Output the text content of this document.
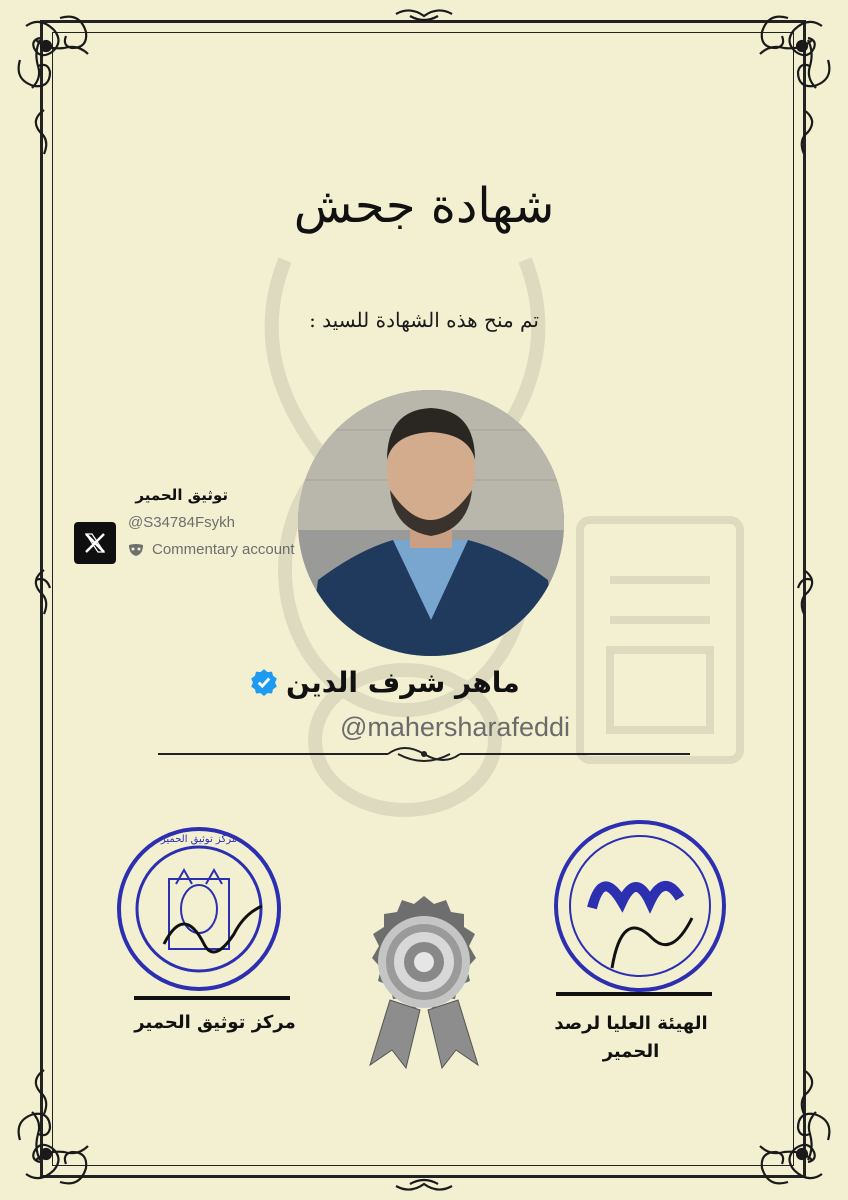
شهادة جحش
تم منح هذه الشهادة للسيد :
توثيق الحمير
@S34784Fsykh
Commentary account
ماهر شرف الدين
@mahersharafeddi
مركز توثيق الحمير
مركز توثيق الحمير	الهيئة العليا لرصد
الحمير
